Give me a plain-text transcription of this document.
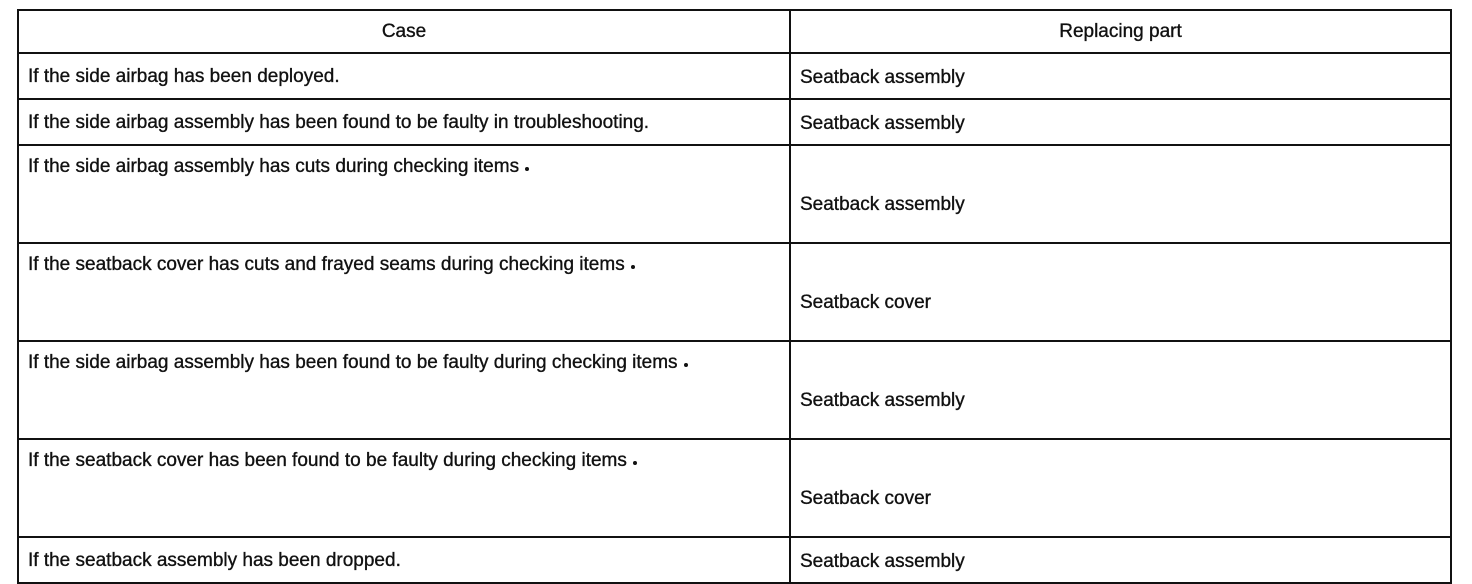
Case	Replacing part
If the side airbag has been deployed.	Seatback assembly
If the side airbag assembly has been found to be faulty in troubleshooting.	Seatback assembly
If the side airbag assembly has cuts during checking items	Seatback assembly
If the seatback cover has cuts and frayed seams during checking items	Seatback cover
If the side airbag assembly has been found to be faulty during checking items	Seatback assembly
If the seatback cover has been found to be faulty during checking items	Seatback cover
If the seatback assembly has been dropped.	Seatback assembly
